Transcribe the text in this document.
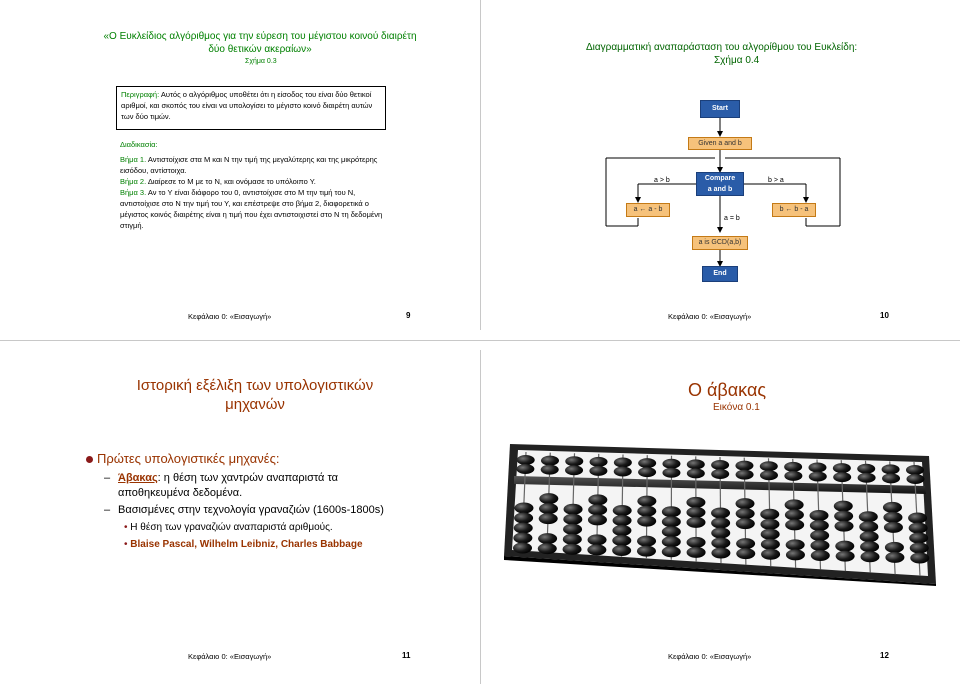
«Ο Ευκλείδιος αλγόριθμος για την εύρεση του μέγιστου κοινού διαιρέτη δύο θετικών ακεραίων»
Σχήμα 0.3
Περιγραφή: Αυτός ο αλγόριθμος υποθέτει ότι η είσοδος του είναι δύο θετικοί αριθμοί, και σκοπός του είναι να υπολογίσει το μέγιστο κοινό διαιρέτη αυτών των δύο τιμών.
Διαδικασία:
Βήμα 1. Αντιστοίχισε στα Μ και Ν την τιμή της μεγαλύτερης και της μικρότερης εισόδου, αντίστοιχα.
Βήμα 2. Διαίρεσε το Μ με το Ν, και ονόμασε το υπόλοιπο Υ.
Βήμα 3. Αν το Υ είναι διάφορο του 0, αντιστοίχισε στο Μ την τιμή του Ν, αντιστοίχισε στο Ν την τιμή του Υ, και επέστρεψε στο βήμα 2, διαφορετικά ο μέγιστος κοινός διαιρέτης είναι η τιμή που έχει αντιστοιχιστεί στο Ν τη δεδομένη στιγμή.
Κεφάλαιο 0: «Εισαγωγή»	9
Διαγραμματική αναπαράσταση του αλγορίθμου του Ευκλείδη:
Σχήμα 0.4
Start
Given a and b
Compare
a and b
a > b	b > a
a ← a - b	b ← b - a
a = b
a is GCD(a,b)
End
Κεφάλαιο 0: «Εισαγωγή»	10
Ιστορική εξέλιξη των υπολογιστικών μηχανών
Πρώτες υπολογιστικές μηχανές:
– Άβακας: η θέση των χαντρών αναπαριστά τα αποθηκευμένα δεδομένα.
– Βασισμένες στην τεχνολογία γραναζιών (1600s-1800s)
• Η θέση των γραναζιών αναπαριστά αριθμούς.
• Blaise Pascal, Wilhelm Leibniz, Charles Babbage
Κεφάλαιο 0: «Εισαγωγή»	11
Ο άβακας
Εικόνα 0.1
Κεφάλαιο 0: «Εισαγωγή»	12
